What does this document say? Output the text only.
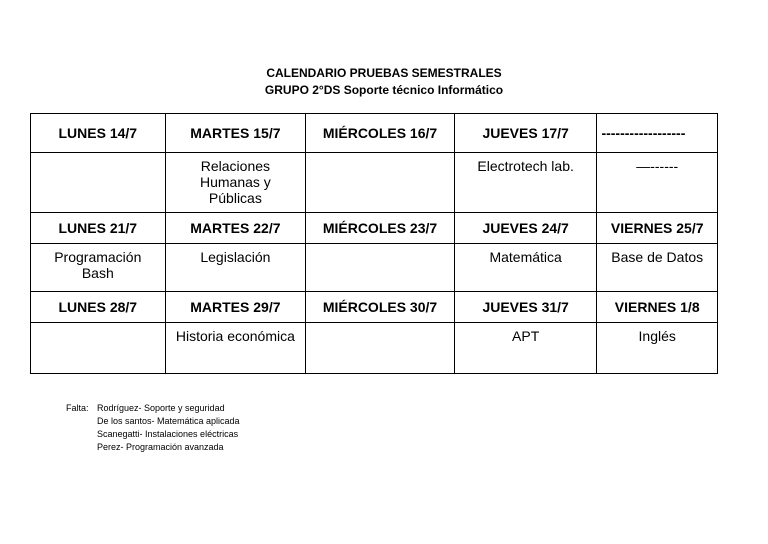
CALENDARIO PRUEBAS SEMESTRALES
GRUPO 2°DS Soporte técnico Informático
LUNES 14/7	MARTES 15/7	MIÉRCOLES 16/7	JUEVES 17/7	------------------
	Relaciones Humanas y Públicas		Electrotech lab.	—------
LUNES 21/7	MARTES 22/7	MIÉRCOLES 23/7	JUEVES 24/7	VIERNES 25/7
Programación Bash	Legislación		Matemática	Base de Datos
LUNES 28/7	MARTES 29/7	MIÉRCOLES 30/7	JUEVES 31/7	VIERNES 1/8
	Historia económica		APT	Inglés
Falta: Rodríguez- Soporte y seguridad
De los santos- Matemática aplicada
Scanegatti- Instalaciones eléctricas
Perez- Programación avanzada
